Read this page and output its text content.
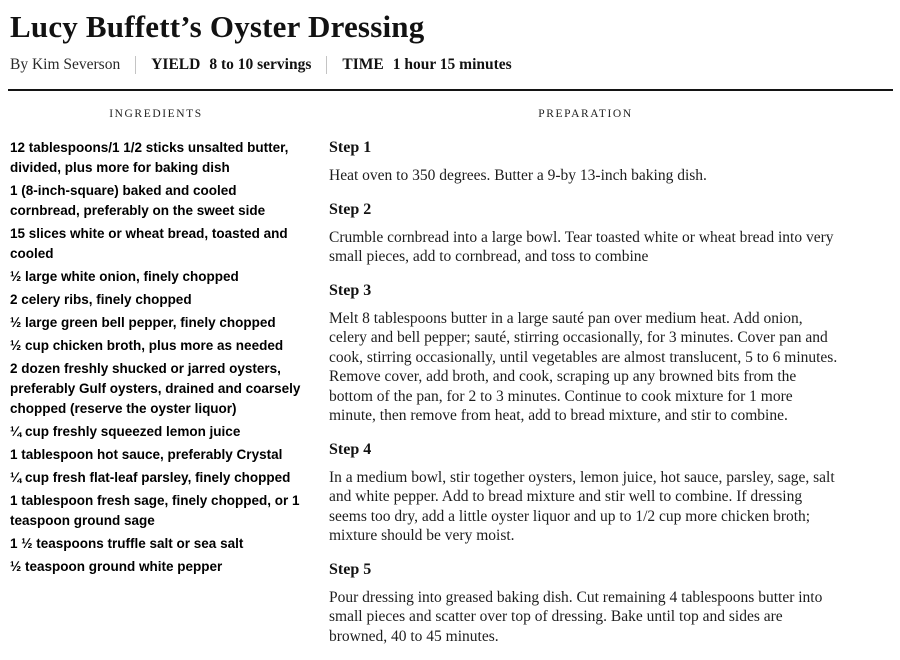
Lucy Buffett’s Oyster Dressing
By Kim Severson YIELD 8 to 10 servings TIME 1 hour 15 minutes
INGREDIENTS

12 tablespoons/1 1/2 sticks unsalted butter, divided, plus more for baking dish

1 (8-inch-square) baked and cooled cornbread, preferably on the sweet side

15 slices white or wheat bread, toasted and cooled

½ large white onion, finely chopped

2 celery ribs, finely chopped

½ large green bell pepper, finely chopped

½ cup chicken broth, plus more as needed

2 dozen freshly shucked or jarred oysters, preferably Gulf oysters, drained and coarsely chopped (reserve the oyster liquor)

¼ cup freshly squeezed lemon juice

1 tablespoon hot sauce, preferably Crystal

¼ cup fresh flat-leaf parsley, finely chopped

1 tablespoon fresh sage, finely chopped, or 1 teaspoon ground sage

1 ½ teaspoons truffle salt or sea salt

½ teaspoon ground white pepper

PREPARATION
Step 1

Heat oven to 350 degrees. Butter a 9-by 13-inch baking dish.

Step 2

Crumble cornbread into a large bowl. Tear toasted white or wheat bread into very small pieces, add to cornbread, and toss to combine

Step 3

Melt 8 tablespoons butter in a large sauté pan over medium heat. Add onion, celery and bell pepper; sauté, stirring occasionally, for 3 minutes. Cover pan and cook, stirring occasionally, until vegetables are almost translucent, 5 to 6 minutes. Remove cover, add broth, and cook, scraping up any browned bits from the bottom of the pan, for 2 to 3 minutes. Continue to cook mixture for 1 more minute, then remove from heat, add to bread mixture, and stir to combine.

Step 4

In a medium bowl, stir together oysters, lemon juice, hot sauce, parsley, sage, salt and white pepper. Add to bread mixture and stir well to combine. If dressing seems too dry, add a little oyster liquor and up to 1/2 cup more chicken broth; mixture should be very moist.

Step 5

Pour dressing into greased baking dish. Cut remaining 4 tablespoons butter into small pieces and scatter over top of dressing. Bake until top and sides are browned, 40 to 45 minutes.
